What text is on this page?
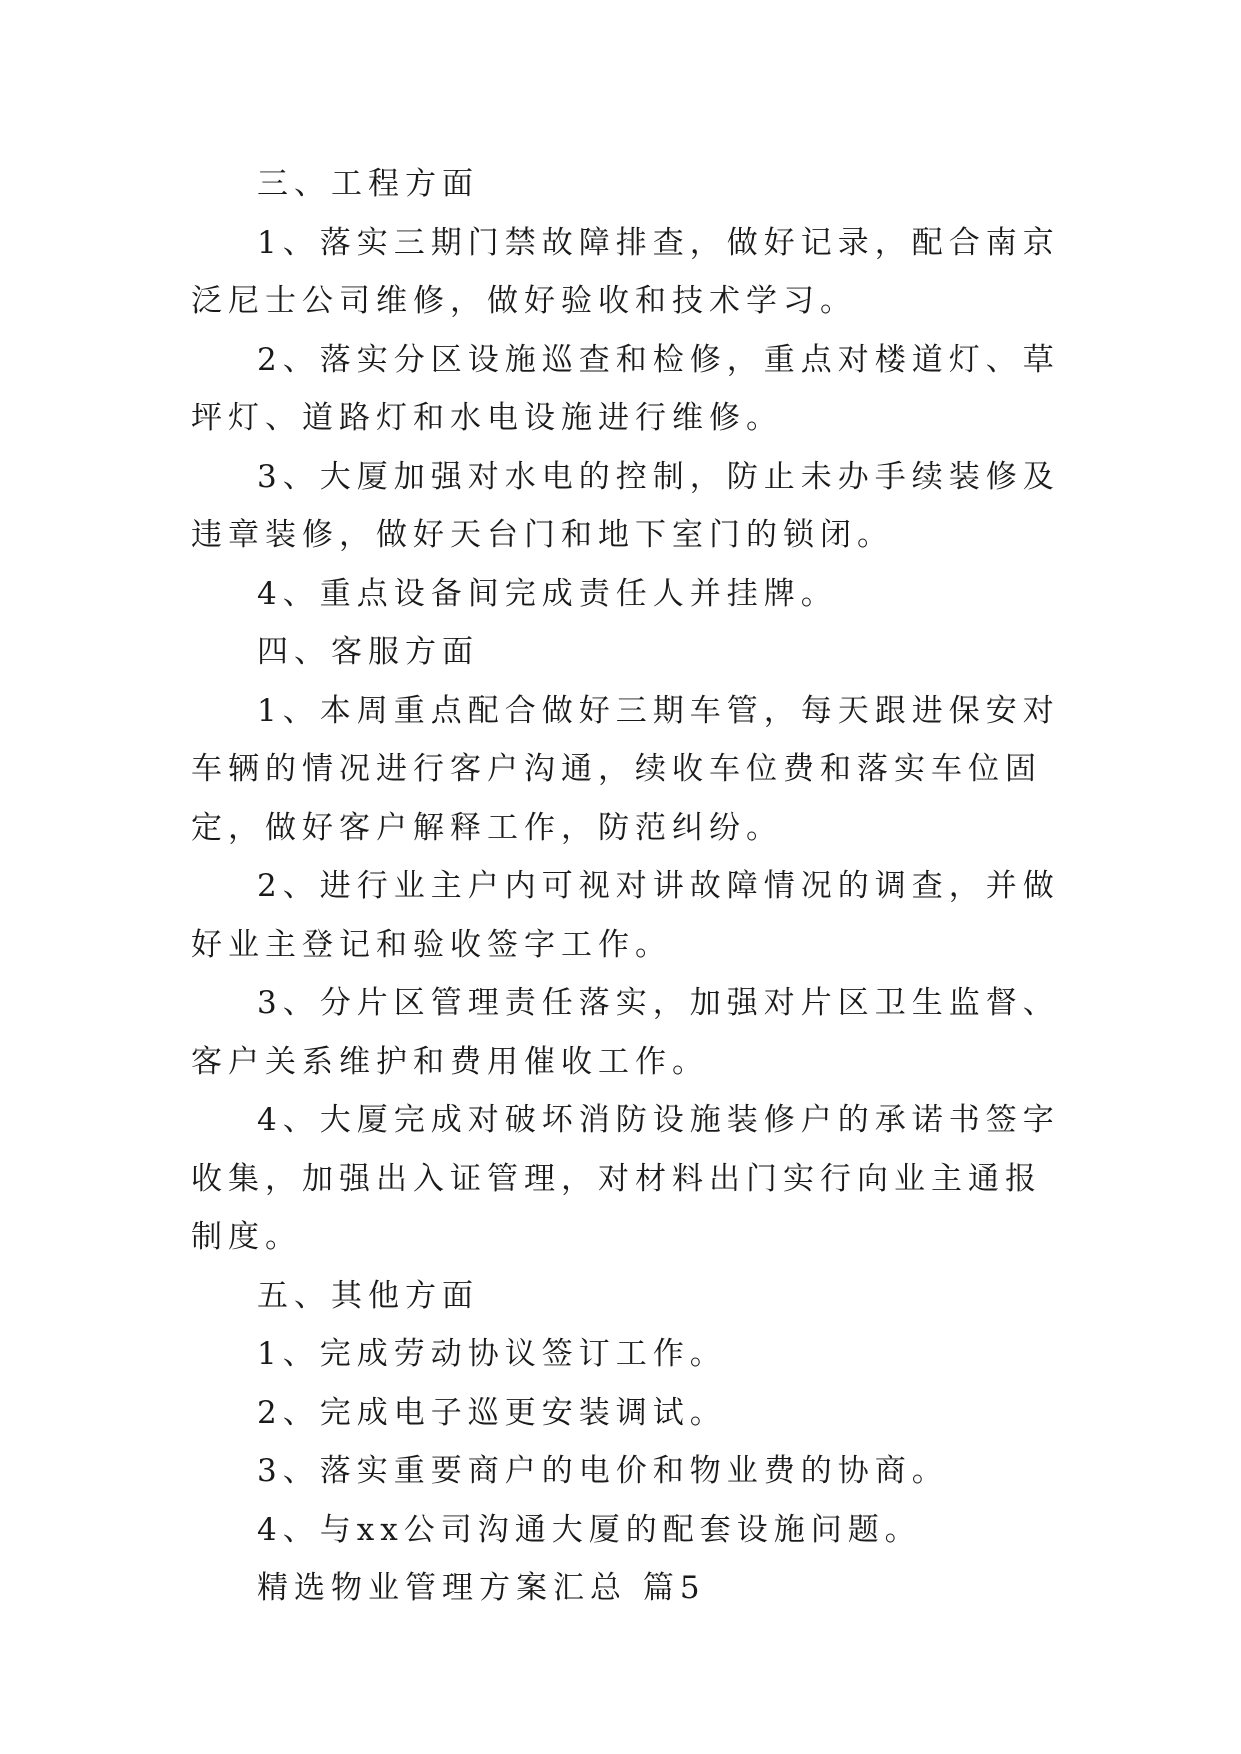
三、工程方面

1、落实三期门禁故障排查，做好记录，配合南京泛尼士公司维修，做好验收和技术学习。

2、落实分区设施巡查和检修，重点对楼道灯、草坪灯、道路灯和水电设施进行维修。

3、大厦加强对水电的控制，防止未办手续装修及违章装修，做好天台门和地下室门的锁闭。

4、重点设备间完成责任人并挂牌。

四、客服方面

1、本周重点配合做好三期车管，每天跟进保安对车辆的情况进行客户沟通，续收车位费和落实车位固定，做好客户解释工作，防范纠纷。

2、进行业主户内可视对讲故障情况的调查，并做好业主登记和验收签字工作。

3、分片区管理责任落实，加强对片区卫生监督、客户关系维护和费用催收工作。

4、大厦完成对破坏消防设施装修户的承诺书签字收集，加强出入证管理，对材料出门实行向业主通报制度。

五、其他方面

1、完成劳动协议签订工作。

2、完成电子巡更安装调试。

3、落实重要商户的电价和物业费的协商。

4、与xx公司沟通大厦的配套设施问题。

精选物业管理方案汇总 篇5
